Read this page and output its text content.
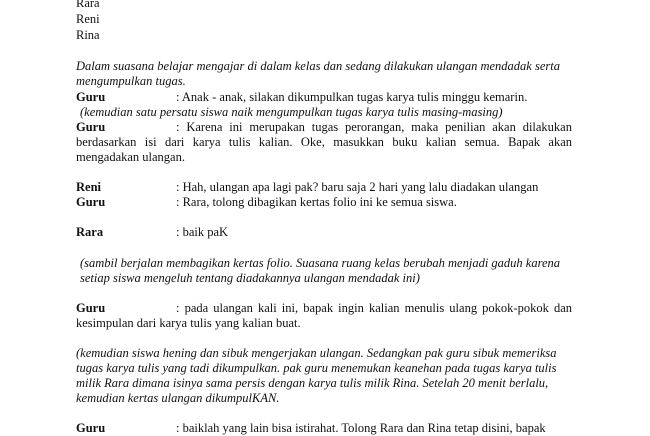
Rara
Reni
Rina
Dalam suasana belajar mengajar di dalam kelas dan sedang dilakukan ulangan mendadak serta
mengumpulkan tugas.
Guru	: Anak - anak, silakan dikumpulkan tugas karya tulis minggu kemarin.
(kemudian satu persatu siswa naik mengumpulkan tugas karya tulis masing-masing)
Guru	: Karena ini merupakan tugas perorangan, maka penilian akan dilakukan
berdasarkan isi dari karya tulis kalian. Oke, masukkan buku kalian semua. Bapak akan
mengadakan ulangan.
Reni	: Hah, ulangan apa lagi pak? baru saja 2 hari yang lalu diadakan ulangan
Guru	: Rara, tolong dibagikan kertas folio ini ke semua siswa.
Rara	: baik paK
(sambil berjalan membagikan kertas folio. Suasana ruang kelas berubah menjadi gaduh karena
setiap siswa mengeluh tentang diadakannya ulangan mendadak ini)
Guru	: pada ulangan kali ini, bapak ingin kalian menulis ulang pokok-pokok dan
kesimpulan dari karya tulis yang kalian buat.
(kemudian siswa hening dan sibuk mengerjakan ulangan. Sedangkan pak guru sibuk memeriksa
tugas karya tulis yang tadi dikumpulkan. pak guru menemukan keanehan pada tugas karya tulis
milik Rara dimana isinya sama persis dengan karya tulis milik Rina. Setelah 20 menit berlalu,
kemudian kertas ulangan dikumpulKAN.
Guru	: baiklah yang lain bisa istirahat. Tolong Rara dan Rina tetap disini, bapak
